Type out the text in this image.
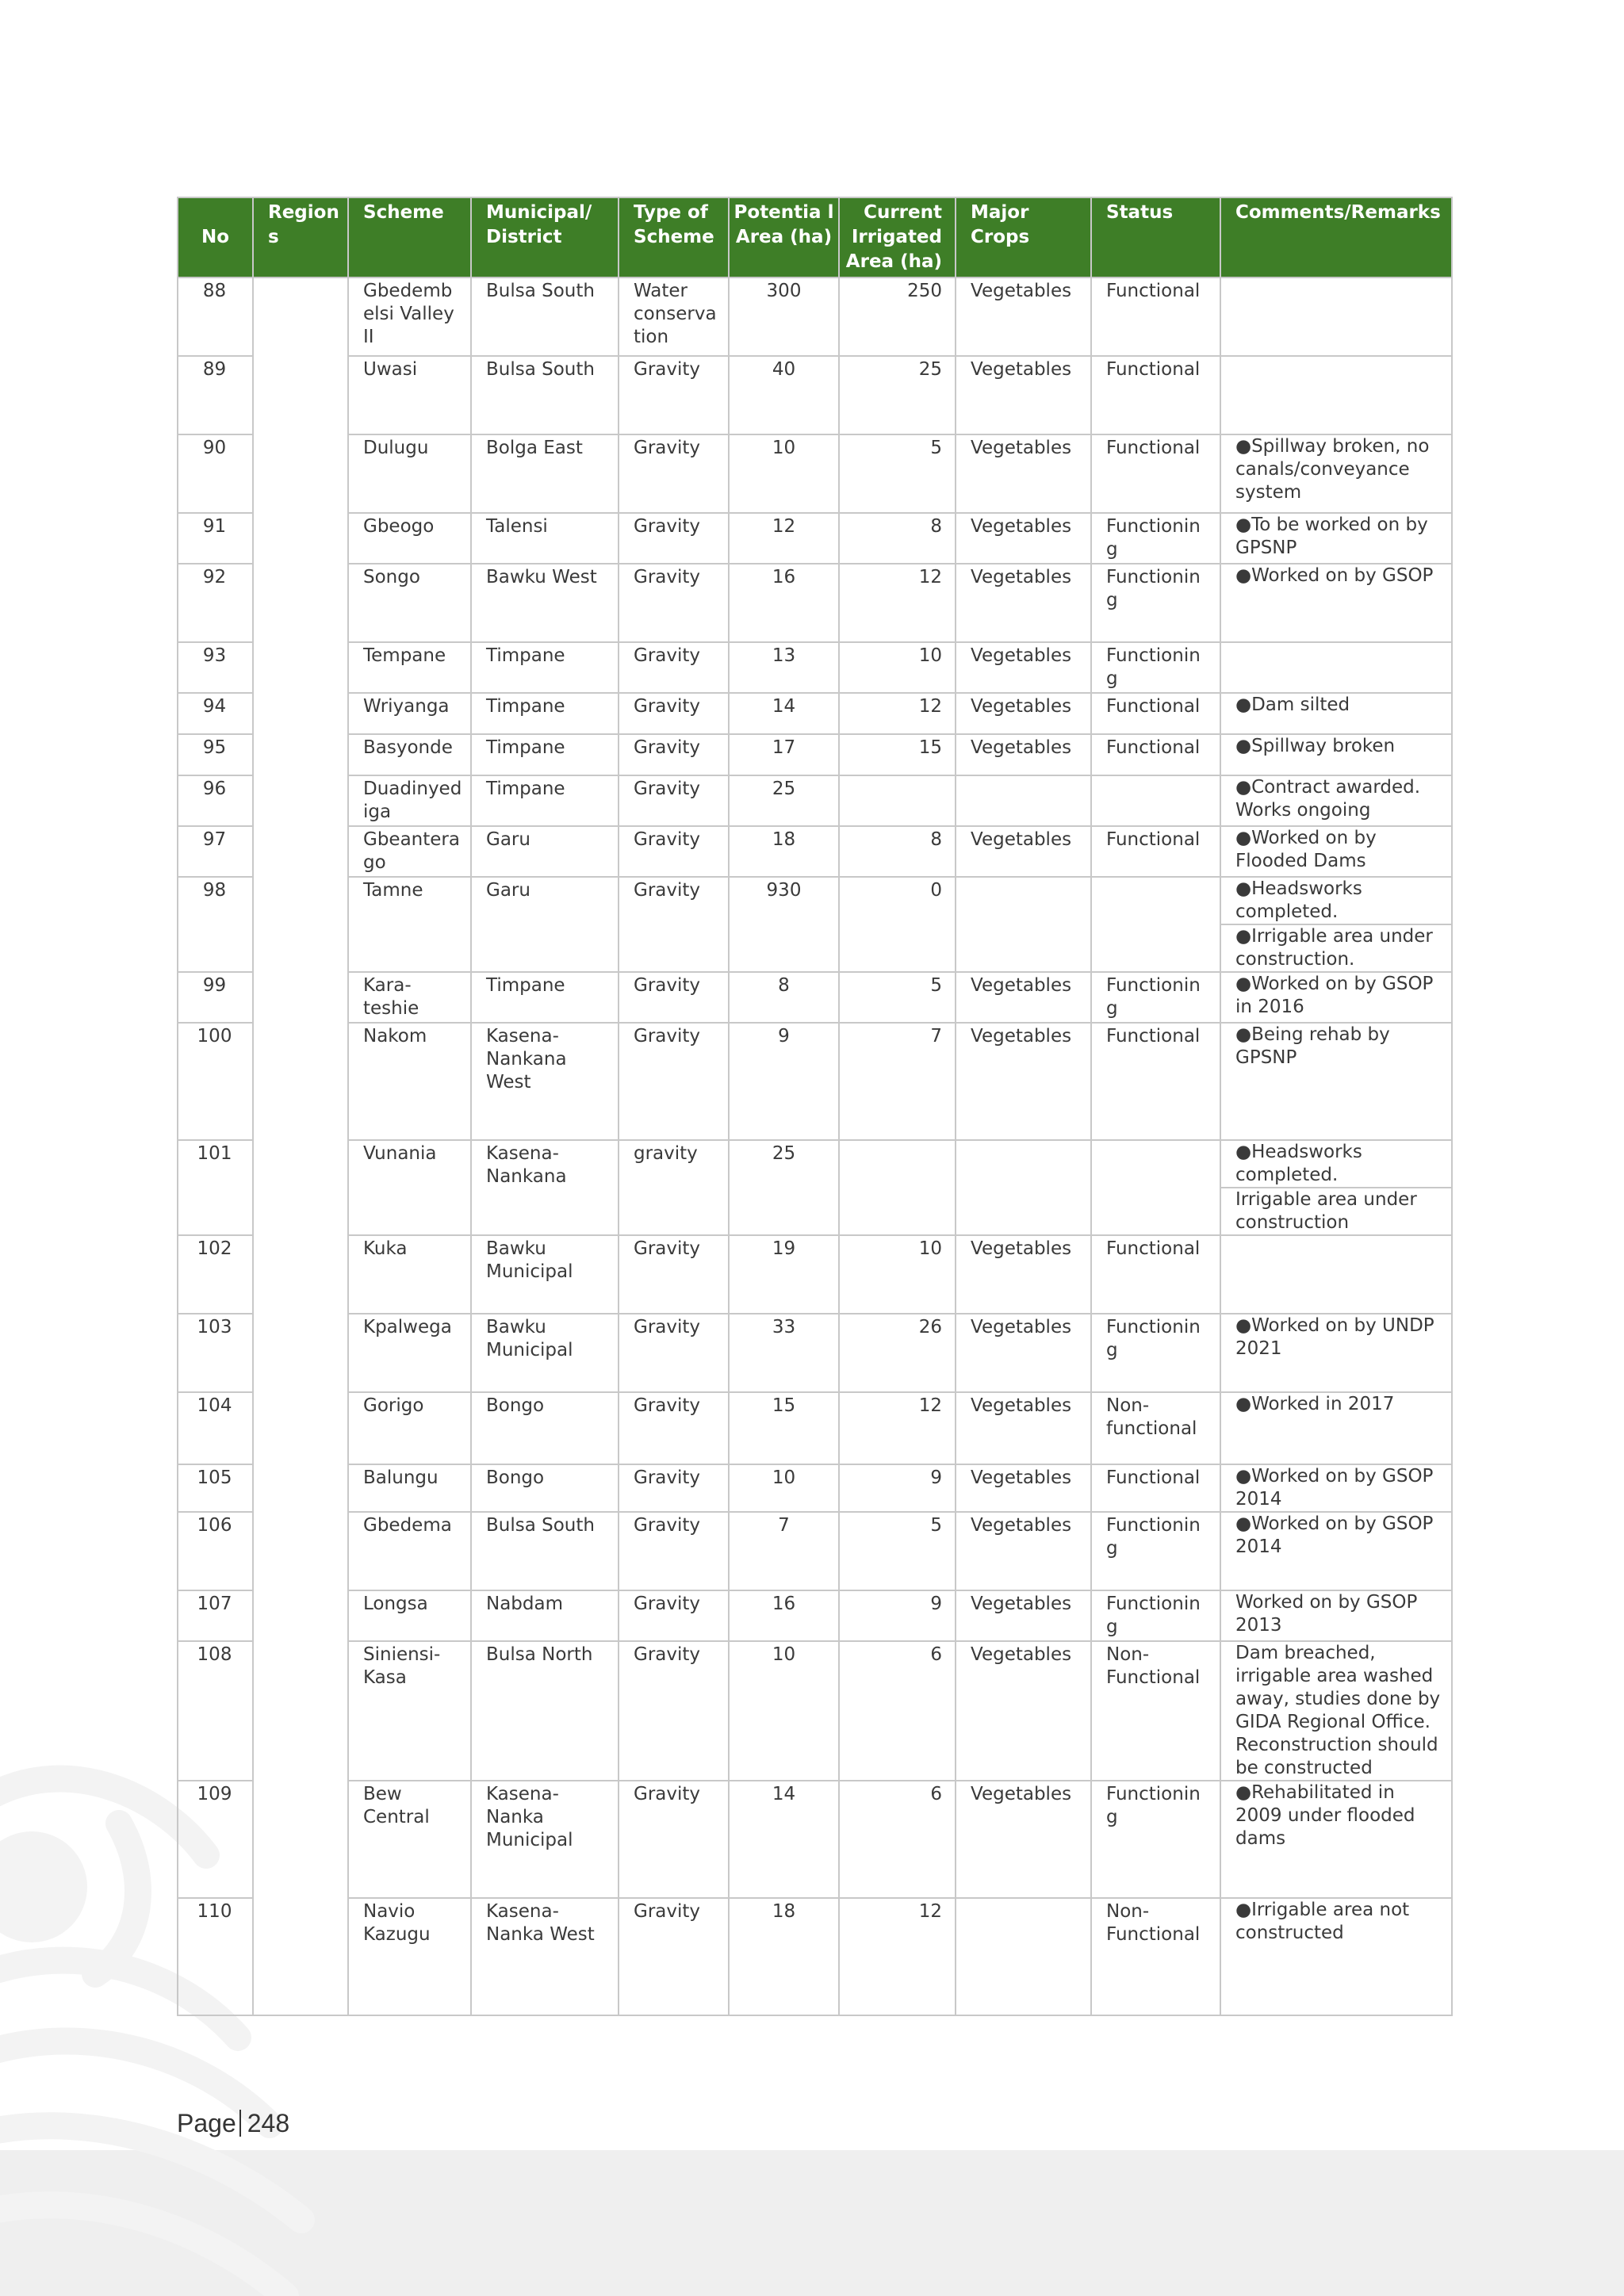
No	Region s	Scheme	Municipal/ District	Type of Scheme	Potentia l Area (ha)	Current Irrigated Area (ha)	Major Crops	Status	Comments/Remarks
88		Gbedemb elsi Valley II	Bulsa South	Water conserva tion	300	250	Vegetables	Functional	
89		Uwasi	Bulsa South	Gravity	40	25	Vegetables	Functional	
90		Dulugu	Bolga East	Gravity	10	5	Vegetables	Functional	●Spillway broken, no canals/conveyance system

91		Gbeogo	Talensi	Gravity	12	8	Vegetables	Functionin g	●To be worked on by GPSNP

92		Songo	Bawku West	Gravity	16	12	Vegetables	Functionin g	●Worked on by GSOP

93		Tempane	Timpane	Gravity	13	10	Vegetables	Functionin g	
94		Wriyanga	Timpane	Gravity	14	12	Vegetables	Functional	●Dam silted

95		Basyonde	Timpane	Gravity	17	15	Vegetables	Functional	●Spillway broken

96		Duadinyed iga	Timpane	Gravity	25				●Contract awarded. Works ongoing

97		Gbeantera go	Garu	Gravity	18	8	Vegetables	Functional	●Worked on by Flooded Dams

98		Tamne	Garu	Gravity	930	0			●Headsworks completed.
●Irrigable area under construction.

99		Kara- teshie	Timpane	Gravity	8	5	Vegetables	Functionin g	●Worked on by GSOP in 2016

100		Nakom	Kasena- Nankana West	Gravity	9	7	Vegetables	Functional	●Being rehab by GPSNP

101		Vunania	Kasena- Nankana	gravity	25				●Headsworks completed.
Irrigable area under construction

102		Kuka	Bawku Municipal	Gravity	19	10	Vegetables	Functional	
103		Kpalwega	Bawku Municipal	Gravity	33	26	Vegetables	Functionin g	●Worked on by UNDP 2021

104		Gorigo	Bongo	Gravity	15	12	Vegetables	Non- functional	●Worked in 2017

105		Balungu	Bongo	Gravity	10	9	Vegetables	Functional	●Worked on by GSOP 2014

106		Gbedema	Bulsa South	Gravity	7	5	Vegetables	Functionin g	●Worked on by GSOP 2014

107		Longsa	Nabdam	Gravity	16	9	Vegetables	Functionin g	Worked on by GSOP 2013

108		Siniensi- Kasa	Bulsa North	Gravity	10	6	Vegetables	Non- Functional	Dam breached, irrigable area washed away, studies done by GIDA Regional Office. Reconstruction should be constructed

109		Bew Central	Kasena- Nanka Municipal	Gravity	14	6	Vegetables	Functionin g	●Rehabilitated in 2009 under flooded dams

110		Navio Kazugu	Kasena- Nanka West	Gravity	18	12		Non- Functional	●Irrigable area not constructed
Page 248
